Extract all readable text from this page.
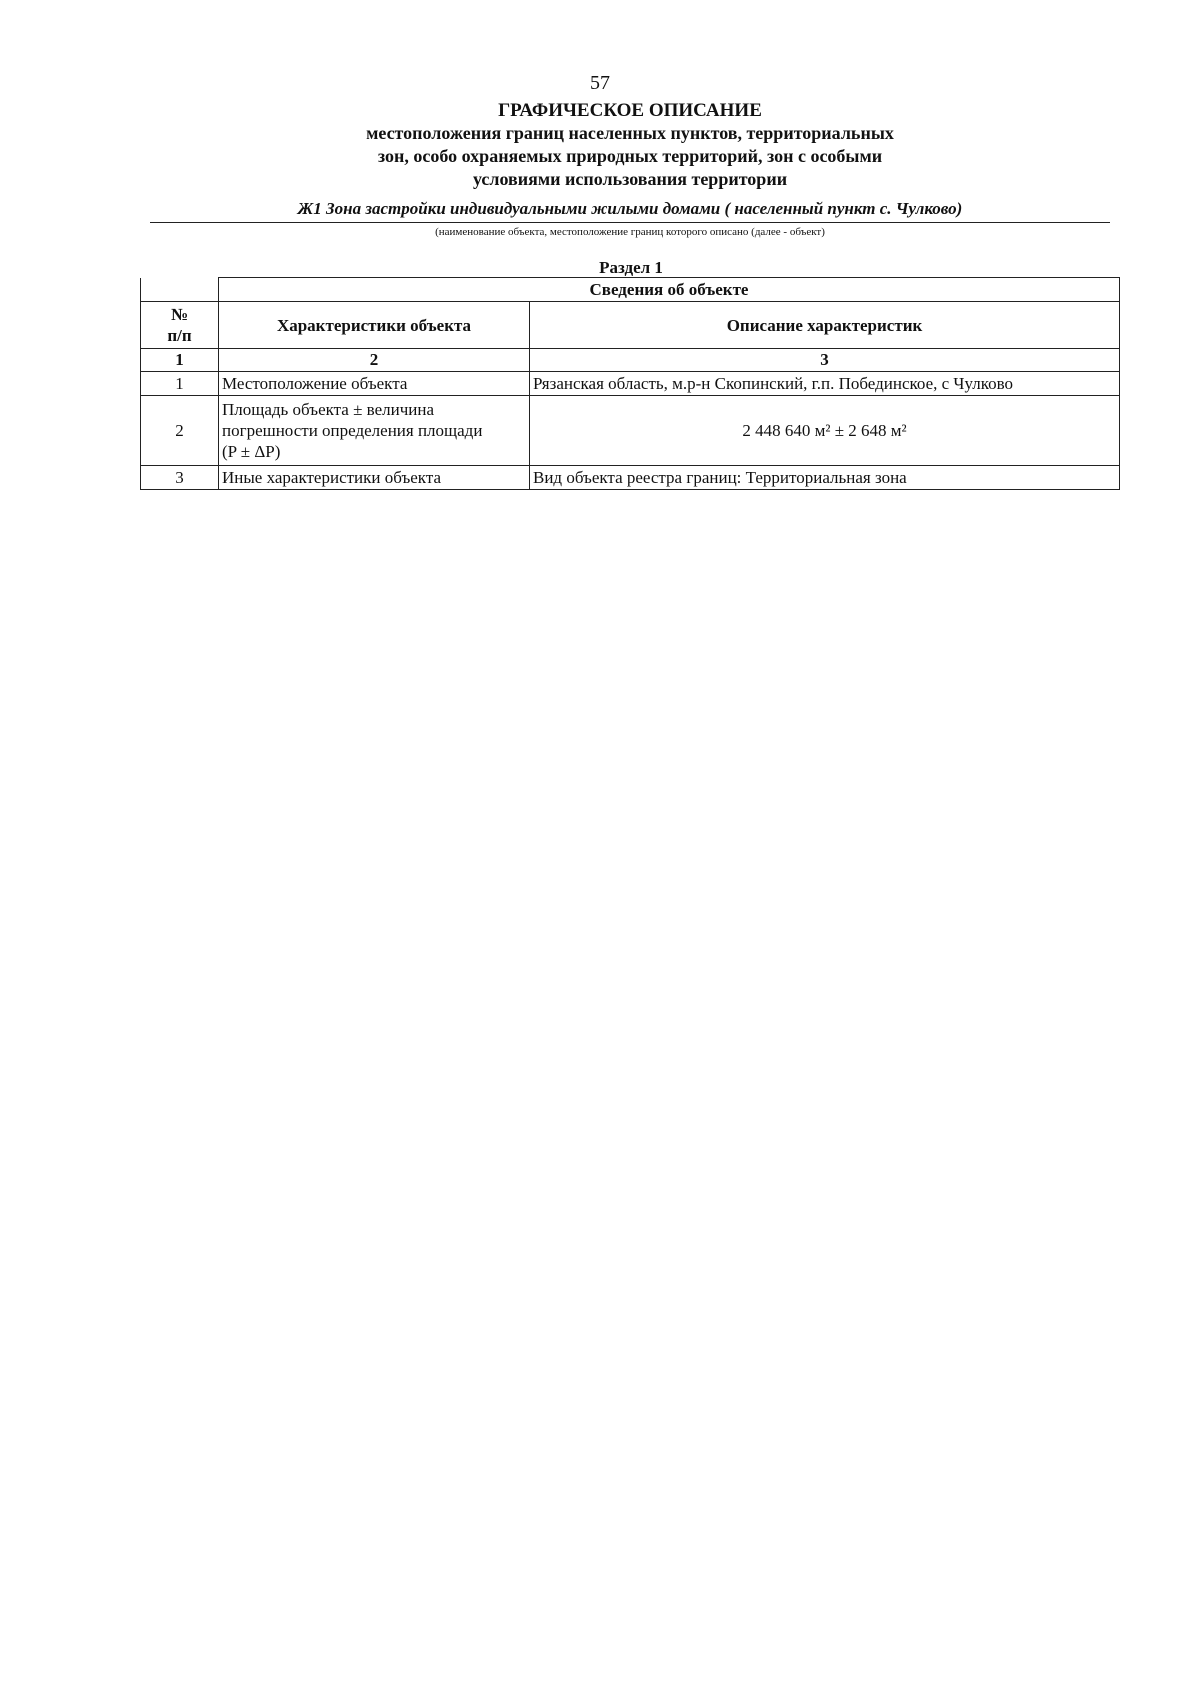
57
ГРАФИЧЕСКОЕ ОПИСАНИЕ
местоположения границ населенных пунктов, территориальных
зон, особо охраняемых природных территорий, зон с особыми
условиями использования территории
Ж1 Зона застройки индивидуальными жилыми домами ( населенный пункт с. Чулково)
(наименование объекта, местоположение границ которого описано (далее - объект)
Раздел 1
	Сведения об объекте	

№
п/п	Характеристики объекта	Описание характеристик
1	2	3
1	Местоположение объекта	Рязанская область, м.р-н Скопинский, г.п. Побединское, с Чулково
2	Площадь объекта ± величина
погрешности определения площади
(P ± ΔP)	2 448 640 м² ± 2 648 м²
3	Иные характеристики объекта	Вид объекта реестра границ: Территориальная зона
